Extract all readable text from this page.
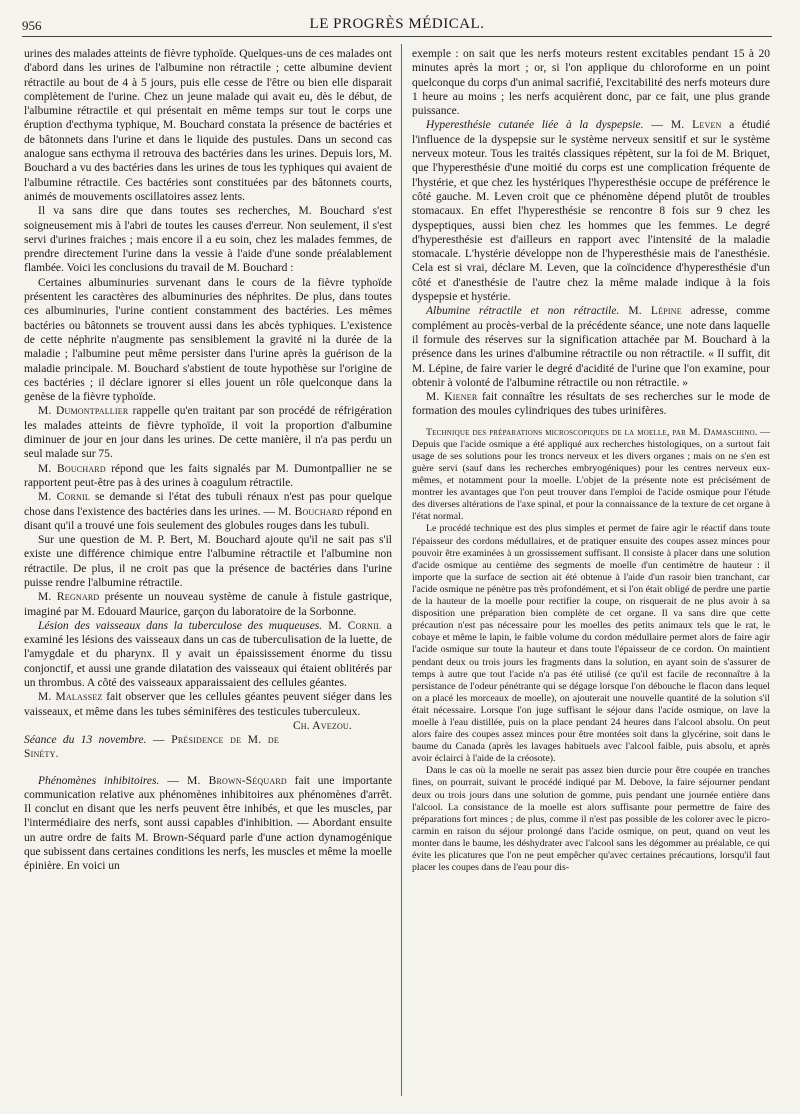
956	LE PROGRÈS MÉDICAL.

urines des malades atteints de fièvre typhoïde. Quelques-uns de ces malades ont d'abord dans les urines de l'albumine non rétractile ; cette albumine devient rétractile au bout de 4 à 5 jours, puis elle cesse de l'être ou bien elle disparait complètement de l'urine. Chez un jeune malade qui avait eu, dès le début, de l'albumine rétractile et qui présentait en même temps sur tout le corps une éruption d'ecthyma typhique, M. Bouchard constata la présence de bactéries et de bâtonnets dans l'urine et dans le liquide des pustules. Dans un second cas analogue sans ecthyma il retrouva des bactéries dans les urines. Depuis lors, M. Bouchard a vu des bactéries dans les urines de tous les typhiques qui avaient de l'albumine rétractile. Ces bactéries sont constituées par des bâtonnets courts, animés de mouvements oscillatoires assez lents.

Il va sans dire que dans toutes ses recherches, M. Bouchard s'est soigneusement mis à l'abri de toutes les causes d'erreur. Non seulement, il s'est servi d'urines fraiches ; mais encore il a eu soin, chez les malades femmes, de prendre directement l'urine dans la vessie à l'aide d'une sonde préalablement flambée. Voici les conclusions du travail de M. Bouchard :

Certaines albuminuries survenant dans le cours de la fièvre typhoïde présentent les caractères des albuminuries des néphrites. De plus, dans toutes ces albuminuries, l'urine contient constamment des bactéries. Les mêmes bactéries ou bâtonnets se trouvent aussi dans les abcès typhiques. L'existence de cette néphrite n'augmente pas sensiblement la gravité ni la durée de la maladie ; l'albumine peut même persister dans l'urine après la guérison de la maladie principale. M. Bouchard s'abstient de toute hypothèse sur l'origine de ces bactéries ; il déclare ignorer si elles jouent un rôle quelconque dans la genèse de la fièvre typhoïde.

M. Dumontpallier rappelle qu'en traitant par son procédé de réfrigération les malades atteints de fièvre typhoïde, il voit la proportion d'albumine diminuer de jour en jour dans les urines. De cette manière, il n'a pas perdu un seul malade sur 75.

M. Bouchard répond que les faits signalés par M. Dumontpallier ne se rapportent peut-être pas à des urines à coagulum rétractile.

M. Cornil se demande si l'état des tubuli rénaux n'est pas pour quelque chose dans l'existence des bactéries dans les urines. — M. Bouchard répond en disant qu'il a trouvé une fois seulement des globules rouges dans les tubuli.

Sur une question de M. P. Bert, M. Bouchard ajoute qu'il ne sait pas s'il existe une différence chimique entre l'albumine rétractile et l'albumine non rétractile. De plus, il ne croit pas que la présence de bactéries dans l'urine puisse rendre l'albumine rétractile.

M. Regnard présente un nouveau système de canule à fistule gastrique, imaginé par M. Edouard Maurice, garçon du laboratoire de la Sorbonne.

Lésion des vaisseaux dans la tuberculose des muqueuses. M. Cornil a examiné les lésions des vaisseaux dans un cas de tuberculisation de la luette, de l'amygdale et du pharynx. Il y avait un épaississement énorme du tissu conjonctif, et aussi une grande dilatation des vaisseaux qui étaient oblitérés par un thrombus. A côté des vaisseaux apparaissaient des cellules géantes.

M. Malassez fait observer que les cellules géantes peuvent siéger dans les vaisseaux, et même dans les tubes séminifères des testicules tuberculeux.
Ch. Avezou.

Séance du 13 novembre. — Présidence de M. de Sinéty.

Phénomènes inhibitoires. — M. Brown-Séquard fait une importante communication relative aux phénomènes inhibitoires aux phénomènes d'arrêt. Il conclut en disant que les nerfs peuvent être inhibés, et que les muscles, par l'intermédiaire des nerfs, sont aussi capables d'inhibition. — Abordant ensuite un autre ordre de faits M. Brown-Séquard parle d'une action dynamogénique que subissent dans certaines conditions les nerfs, les muscles et même la moelle épinière. En voici un

exemple : on sait que les nerfs moteurs restent excitables pendant 15 à 20 minutes après la mort ; or, si l'on applique du chloroforme en un point quelconque du corps d'un animal sacrifié, l'excitabilité des nerfs moteurs dure 1 heure au moins ; les nerfs acquièrent donc, par ce fait, une plus grande puissance.

Hyperesthésie cutanée liée à la dyspepsie. — M. Leven a étudié l'influence de la dyspepsie sur le système nerveux sensitif et sur le système nerveux moteur. Tous les traités classiques répètent, sur la foi de M. Briquet, que l'hyperesthésie d'une moitié du corps est une complication fréquente de l'hystérie, et que chez les hystériques l'hyperesthésie occupe de préférence le côté gauche. M. Leven croit que ce phénomène dépend plutôt de troubles stomacaux. En effet l'hyperesthésie se rencontre 8 fois sur 9 chez les dyspeptiques, aussi bien chez les hommes que les femmes. Le degré d'hyperesthésie est d'ailleurs en rapport avec l'intensité de la maladie stomacale. L'hystérie développe non de l'hyperesthésie mais de l'anesthésie. Cela est si vrai, déclare M. Leven, que la coïncidence d'hyperesthésie d'un côté et d'anesthésie de l'autre chez la même malade indique à la fois dyspepsie et hystérie.

Albumine rétractile et non rétractile. M. Lépine adresse, comme complément au procès-verbal de la précédente séance, une note dans laquelle il formule des réserves sur la signification attachée par M. Bouchard à la présence dans les urines d'albumine rétractile ou non rétractile. « Il suffit, dit M. Lépine, de faire varier le degré d'acidité de l'urine que l'on examine, pour obtenir à volonté de l'albumine rétractile ou non rétractile. »

M. Kiener fait connaître les résultats de ses recherches sur le mode de formation des moules cylindriques des tubes urinifères.

Technique des préparations microscopiques de la moelle, par M. Damaschino. — Depuis que l'acide osmique a été appliqué aux recherches histologiques, on a surtout fait usage de ses solutions pour les troncs nerveux et les divers organes ; mais on ne s'en est guère servi (sauf dans les recherches embryogéniques) pour les centres nerveux eux-mêmes, et notamment pour la moelle. L'objet de la présente note est précisément de montrer les avantages que l'on peut trouver dans l'emploi de l'acide osmique pour l'étude des diverses altérations de l'axe spinal, et pour la connaissance de la texture de cet organe à l'état normal.

Le procédé technique est des plus simples et permet de faire agir le réactif dans toute l'épaisseur des cordons médullaires, et de pratiquer ensuite des coupes assez minces pour pouvoir être examinées à un grossissement suffisant. Il consiste à placer dans une solution d'acide osmique au centième des segments de moelle d'un centimètre de hauteur : il importe que la surface de section ait été obtenue à l'aide d'un rasoir bien tranchant, car l'acide osmique ne pénètre pas très profondément, et si l'on était obligé de perdre une partie de la hauteur de la moelle pour rectifier la coupe, on risquerait de ne plus avoir à sa disposition une préparation bien complète de cet organe. Il va sans dire que cette précaution n'est pas nécessaire pour les moelles des petits animaux tels que le rat, le cobaye et même le lapin, le faible volume du cordon médullaire permet alors de faire agir l'acide osmique sur toute la hauteur et dans toute l'épaisseur de ce cordon. On maintient pendant deux ou trois jours les fragments dans la solution, en ayant soin de s'assurer de temps à autre que tout l'acide n'a pas été utilisé (ce qu'il est facile de reconnaître à la persistance de l'odeur pénétrante qui se dégage lorsque l'on débouche le flacon dans lequel on a placé les morceaux de moelle), on ajouterait une nouvelle quantité de la solution s'il était nécessaire. Lorsque l'on juge suffisant le séjour dans l'acide osmique, on lave la moelle à l'eau distillée, puis on la place pendant 24 heures dans l'alcool absolu. On peut alors faire des coupes assez minces pour être montées soit dans la glycérine, soit dans le baume du Canada (après les lavages habituels avec l'alcool faible, puis absolu, et après avoir éclairci à l'aide de la créosote).

Dans le cas où la moelle ne serait pas assez bien durcie pour être coupée en tranches fines, on pourrait, suivant le procédé indiqué par M. Debove, la faire séjourner pendant deux ou trois jours dans une solution de gomme, puis pendant une journée entière dans l'alcool. La consistance de la moelle est alors suffisante pour permettre de faire des préparations fort minces ; de plus, comme il n'est pas possible de les colorer avec le picro-carmin en raison du séjour prolongé dans l'acide osmique, on peut, quand on veut les monter dans le baume, les déshydrater avec l'alcool sans les dégommer au préalable, ce qui évite les plicatures que l'on ne peut empêcher qu'avec certaines précautions, lorsqu'il faut placer les coupes dans de l'eau pour dis-
